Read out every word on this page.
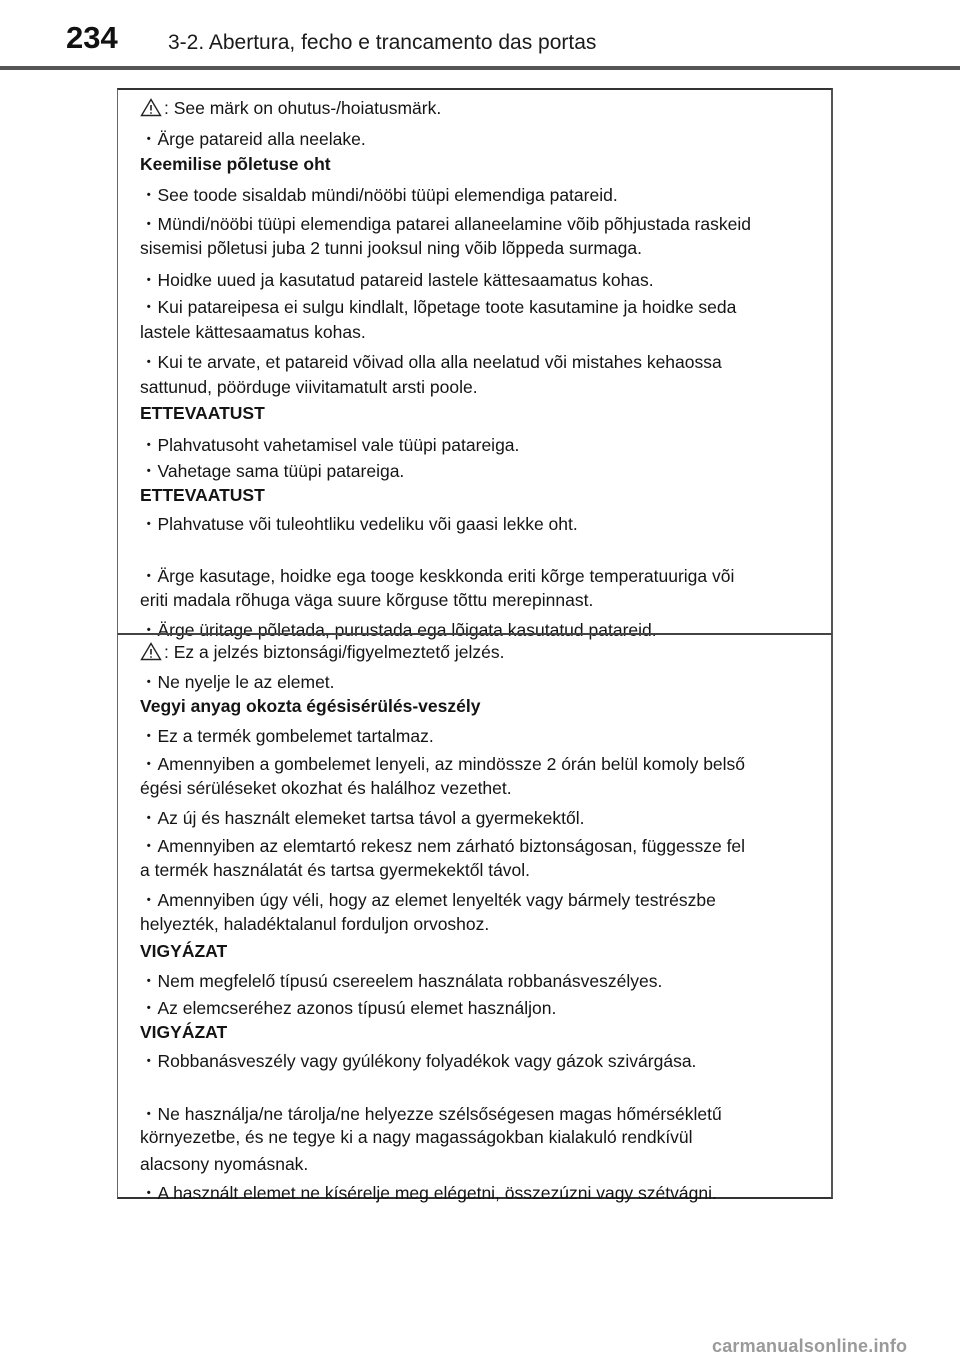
234 3-2. Abertura, fecho e trancamento das portas
: See märk on ohutus-/hoiatusmärk.
・Ärge patareid alla neelake.
Keemilise põletuse oht
・See toode sisaldab mündi/nööbi tüüpi elemendiga patareid.
・Mündi/nööbi tüüpi elemendiga patarei allaneelamine võib põhjustada raskeid
sisemisi põletusi juba 2 tunni jooksul ning võib lõppeda surmaga.
・Hoidke uued ja kasutatud patareid lastele kättesaamatus kohas.
・Kui patareipesa ei sulgu kindlalt, lõpetage toote kasutamine ja hoidke seda
lastele kättesaamatus kohas.
・Kui te arvate, et patareid võivad olla alla neelatud või mistahes kehaossa
sattunud, pöörduge viivitamatult arsti poole.
ETTEVAATUST
・Plahvatusoht vahetamisel vale tüüpi patareiga.
・Vahetage sama tüüpi patareiga.
ETTEVAATUST
・Plahvatuse või tuleohtliku vedeliku või gaasi lekke oht.
・Ärge kasutage, hoidke ega tooge keskkonda eriti kõrge temperatuuriga või
eriti madala rõhuga väga suure kõrguse tõttu merepinnast.
・Ärge üritage põletada, purustada ega lõigata kasutatud patareid.
: Ez a jelzés biztonsági/figyelmeztető jelzés.
・Ne nyelje le az elemet.
Vegyi anyag okozta égésisérülés-veszély
・Ez a termék gombelemet tartalmaz.
・Amennyiben a gombelemet lenyeli, az mindössze 2 órán belül komoly belső
égési sérüléseket okozhat és halálhoz vezethet.
・Az új és használt elemeket tartsa távol a gyermekektől.
・Amennyiben az elemtartó rekesz nem zárható biztonságosan, függessze fel
a termék használatát és tartsa gyermekektől távol.
・Amennyiben úgy véli, hogy az elemet lenyelték vagy bármely testrészbe
helyezték, haladéktalanul forduljon orvoshoz.
VIGYÁZAT
・Nem megfelelő típusú csereelem használata robbanásveszélyes.
・Az elemcseréhez azonos típusú elemet használjon.
VIGYÁZAT
・Robbanásveszély vagy gyúlékony folyadékok vagy gázok szivárgása.
・Ne használja/ne tárolja/ne helyezze szélsőségesen magas hőmérsékletű
környezetbe, és ne tegye ki a nagy magasságokban kialakuló rendkívül
alacsony nyomásnak.
・A használt elemet ne kísérelje meg elégetni, összezúzni vagy szétvágni.
carmanualsonline.info
